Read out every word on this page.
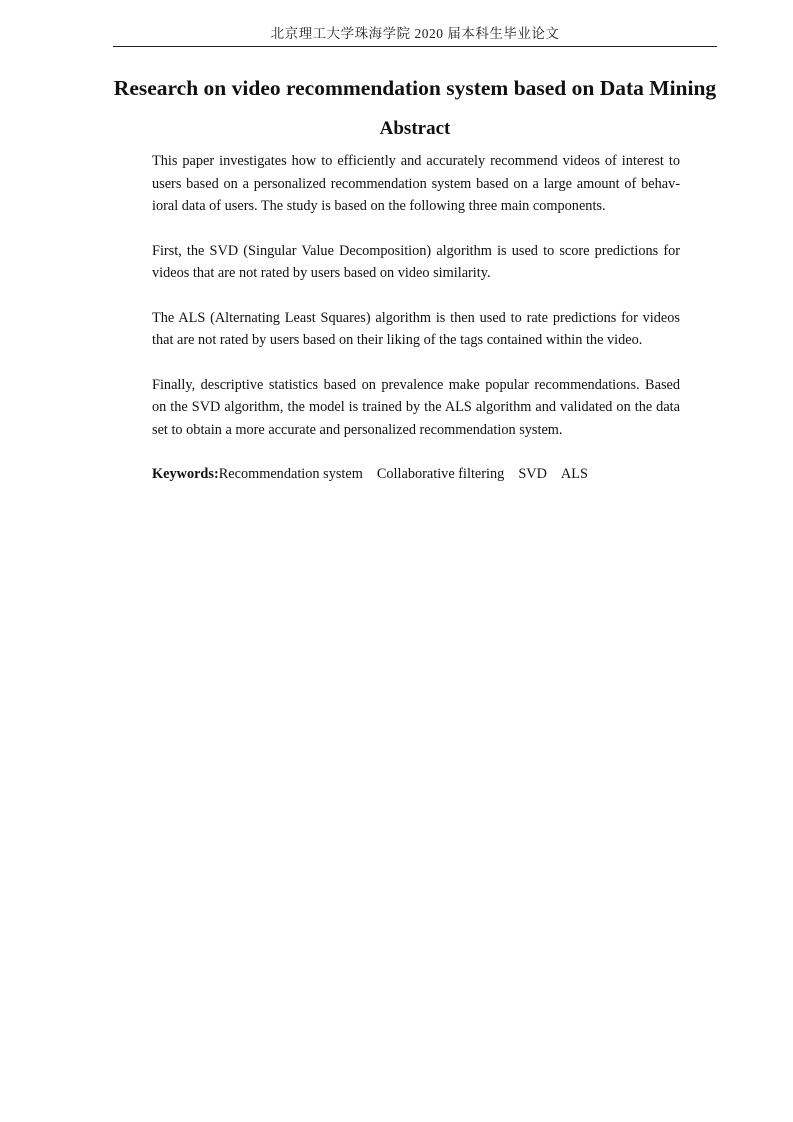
北京理工大学珠海学院 2020 届本科生毕业论文
Research on video recommendation system based on Data Mining
Abstract

This paper investigates how to efficiently and accurately recommend videos of interest to users based on a personalized recommendation system based on a large amount of behavioral data of users. The study is based on the following three main components.

First, the SVD (Singular Value Decomposition) algorithm is used to score predictions for videos that are not rated by users based on video similarity.

The ALS (Alternating Least Squares) algorithm is then used to rate predictions for videos that are not rated by users based on their liking of the tags contained within the video.

Finally, descriptive statistics based on prevalence make popular recommendations. Based on the SVD algorithm, the model is trained by the ALS algorithm and validated on the data set to obtain a more accurate and personalized recommendation system.

Keywords:Recommendation system Collaborative filtering SVD ALS
